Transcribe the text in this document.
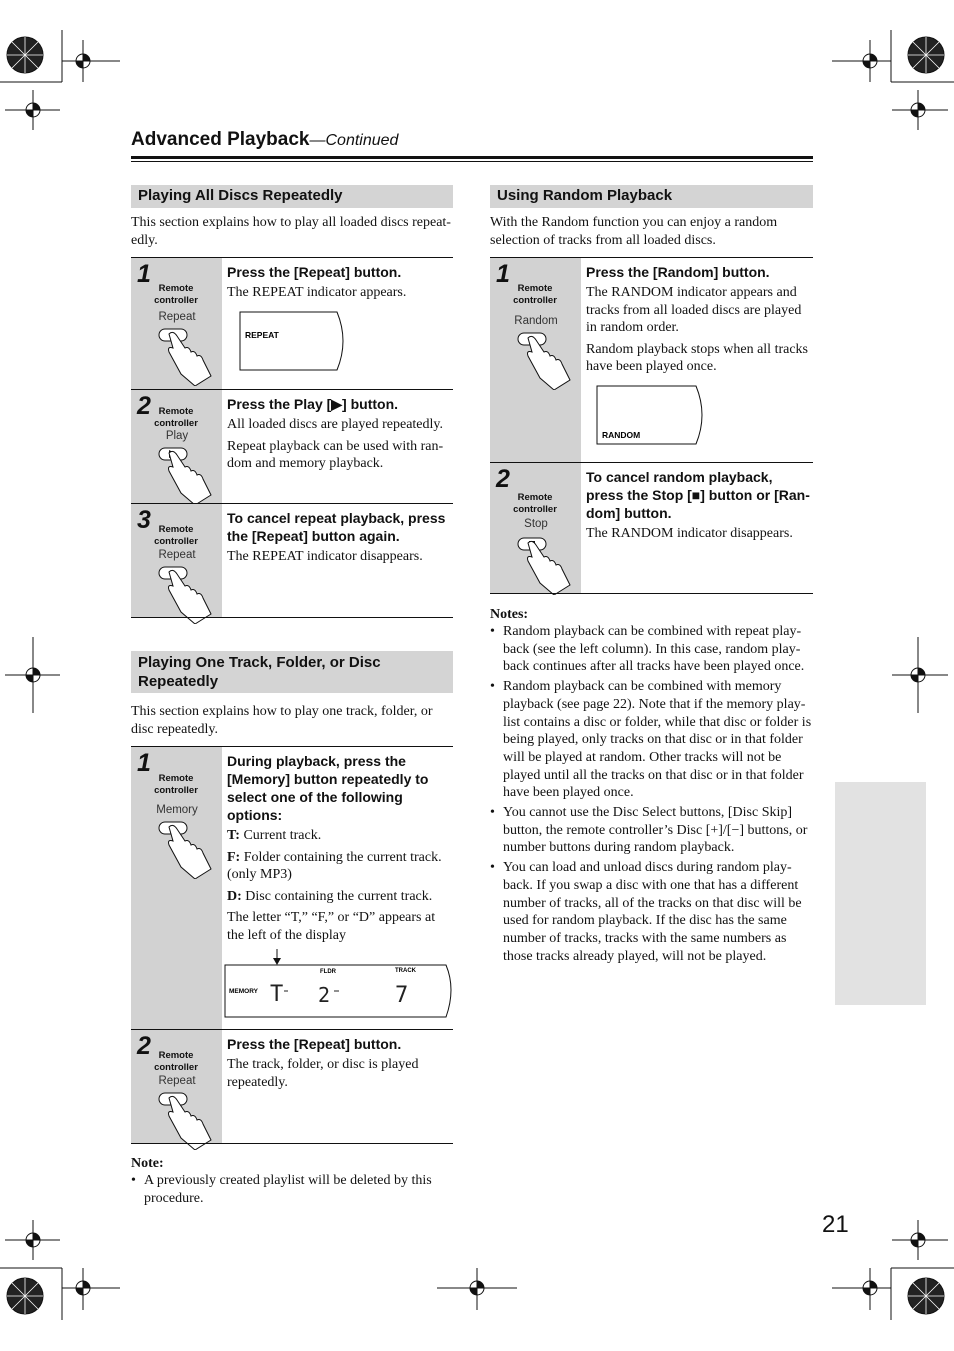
Advanced Playback—Continued
Playing All Discs Repeatedly
This section explains how to play all loaded discs repeat-edly.
1
Remote controller
Repeat
Press the [Repeat] button.

The REPEAT indicator appears.

REPEAT
2 Remote controller
Play
Press the Play [▶] button.

All loaded discs are played repeatedly.

Repeat playback can be used with ran-dom and memory playback.

3 Remote controller
Repeat
To cancel repeat playback, press the [Repeat] button again.

The REPEAT indicator disappears.

Playing One Track, Folder, or Disc Repeatedly
This section explains how to play one track, folder, or disc repeatedly.
1
Remote controller
Memory
During playback, press the [Memory] button repeatedly to select one of the following options:

T: Current track.

F: Folder containing the current track. (only MP3)

D: Disc containing the current track.

The letter “T,” “F,” or “D” appears at the left of the display

MEMORY
FLDR	TRACK
T 2	7
2 Remote controller
Repeat
Press the [Repeat] button.

The track, folder, or disc is played repeatedly.

Note:
• A previously created playlist will be deleted by this procedure.
Using Random Playback
With the Random function you can enjoy a random selection of tracks from all loaded discs.
1
Remote controller
Random
Press the [Random] button.

The RANDOM indicator appears and tracks from all loaded discs are played in random order.

Random playback stops when all tracks have been played once.

RANDOM
2
Remote controller
Stop
To cancel random playback, press the Stop [■] button or [Ran-dom] button.

The RANDOM indicator disappears.

Notes:
• Random playback can be combined with repeat play-back (see the left column). In this case, random play-back continues after all tracks have been played once.
• Random playback can be combined with memory playback (see page 22). Note that if the memory play-list contains a disc or folder, while that disc or folder is being played, only tracks on that disc or in that folder will be played at random. Other tracks will not be played until all the tracks on that disc or in that folder have been played once.
• You cannot use the Disc Select buttons, [Disc Skip] button, the remote controller’s Disc [+]/[−] buttons, or number buttons during random playback.
• You can load and unload discs during random play-back. If you swap a disc with one that has a different number of tracks, all of the tracks on that disc will be used for random playback. If the disc has the same number of tracks, tracks with the same numbers as those tracks already played, will not be played.
21
